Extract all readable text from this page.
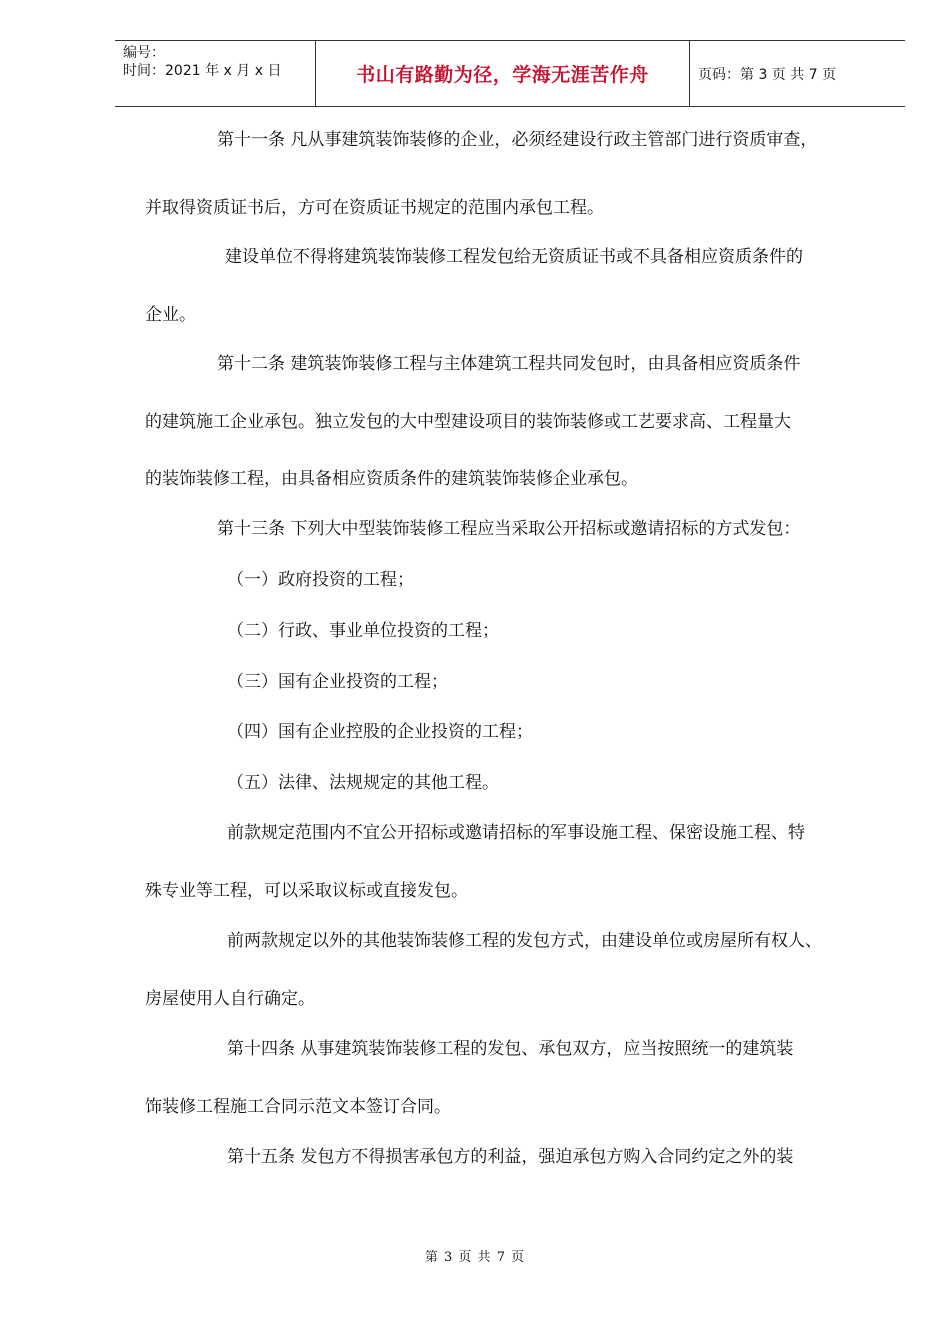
编号：
时间：2021 年 x 月 x 日	书山有路勤为径，学海无涯苦作舟	页码：第 3 页 共 7 页
第十一条 凡从事建筑装饰装修的企业，必须经建设行政主管部门进行资质审查，
并取得资质证书后，方可在资质证书规定的范围内承包工程。
建设单位不得将建筑装饰装修工程发包给无资质证书或不具备相应资质条件的
企业。
第十二条 建筑装饰装修工程与主体建筑工程共同发包时，由具备相应资质条件
的建筑施工企业承包。独立发包的大中型建设项目的装饰装修或工艺要求高、工程量大
的装饰装修工程，由具备相应资质条件的建筑装饰装修企业承包。
第十三条 下列大中型装饰装修工程应当采取公开招标或邀请招标的方式发包：
（一）政府投资的工程；
（二）行政、事业单位投资的工程；
（三）国有企业投资的工程；
（四）国有企业控股的企业投资的工程；
（五）法律、法规规定的其他工程。
前款规定范围内不宜公开招标或邀请招标的军事设施工程、保密设施工程、特
殊专业等工程，可以采取议标或直接发包。
前两款规定以外的其他装饰装修工程的发包方式，由建设单位或房屋所有权人、
房屋使用人自行确定。
第十四条 从事建筑装饰装修工程的发包、承包双方，应当按照统一的建筑装
饰装修工程施工合同示范文本签订合同。
第十五条 发包方不得损害承包方的利益，强迫承包方购入合同约定之外的装
第 3 页 共 7 页
